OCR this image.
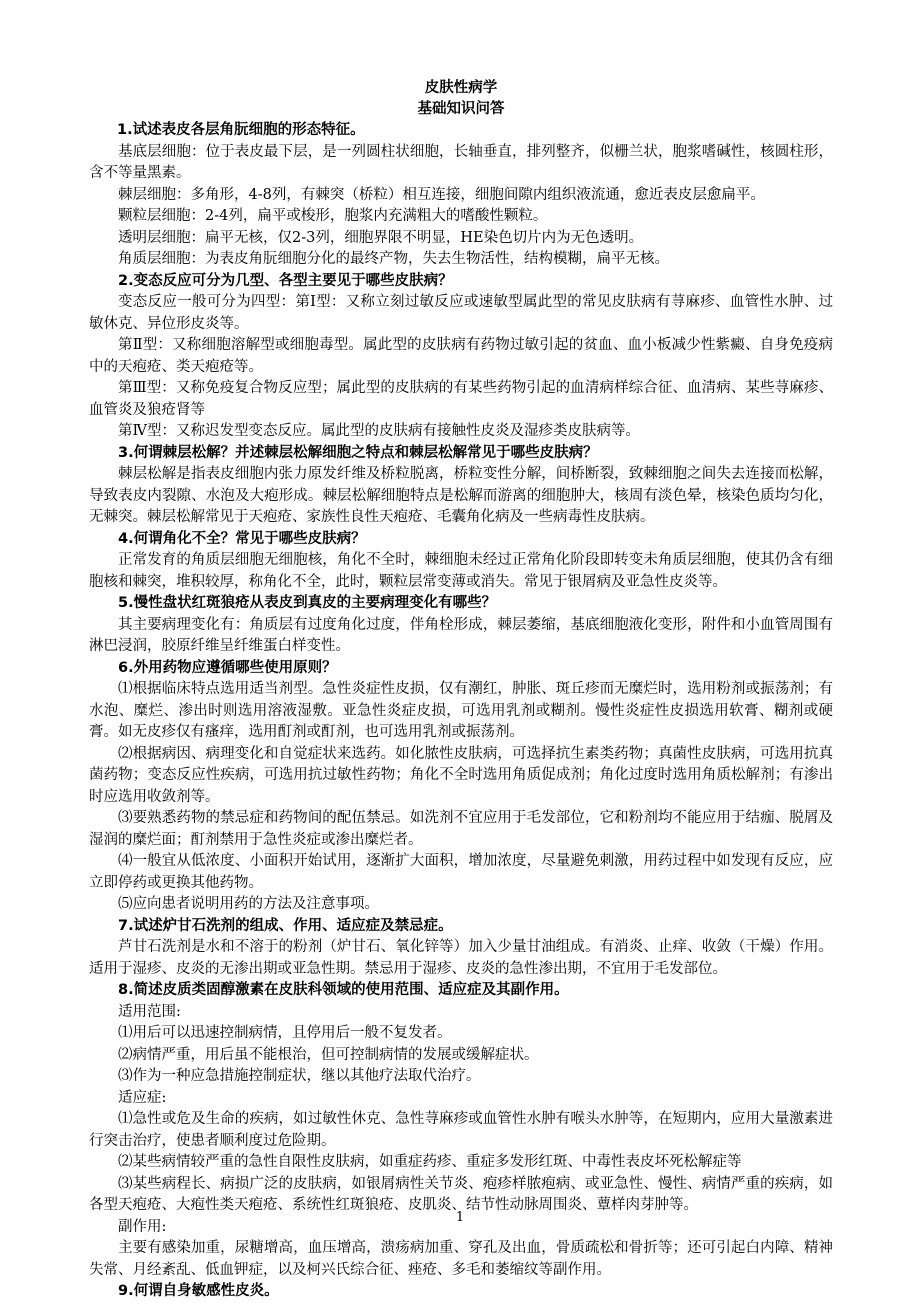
皮肤性病学
基础知识问答
1.试述表皮各层角朊细胞的形态特征。

基底层细胞：位于表皮最下层，是一列圆柱状细胞，长轴垂直，排列整齐，似栅兰状，胞浆嗜碱性，核圆柱形，含不等量黑素。

棘层细胞：多角形，4-8列，有棘突（桥粒）相互连接，细胞间隙内组织液流通，愈近表皮层愈扁平。

颗粒层细胞：2-4列，扁平或梭形，胞浆内充满粗大的嗜酸性颗粒。

透明层细胞：扁平无核，仅2-3列，细胞界限不明显，HE染色切片内为无色透明。

角质层细胞：为表皮角朊细胞分化的最终产物，失去生物活性，结构模糊，扁平无核。

2.变态反应可分为几型、各型主要见于哪些皮肤病？

变态反应一般可分为四型：第Ⅰ型：又称立刻过敏反应或速敏型属此型的常见皮肤病有荨麻疹、血管性水肿、过敏休克、异位形皮炎等。

第Ⅱ型：又称细胞溶解型或细胞毒型。属此型的皮肤病有药物过敏引起的贫血、血小板减少性紫癜、自身免疫病中的天疱疮、类天疱疮等。

第Ⅲ型：又称免疫复合物反应型；属此型的皮肤病的有某些药物引起的血清病样综合征、血清病、某些荨麻疹、血管炎及狼疮肾等

第Ⅳ型：又称迟发型变态反应。属此型的皮肤病有接触性皮炎及湿疹类皮肤病等。

3.何谓棘层松解？并述棘层松解细胞之特点和棘层松解常见于哪些皮肤病？

棘层松解是指表皮细胞内张力原发纤维及桥粒脱离，桥粒变性分解，间桥断裂，致棘细胞之间失去连接而松解，导致表皮内裂隙、水泡及大疱形成。棘层松解细胞特点是松解而游离的细胞肿大，核周有淡色晕，核染色质均匀化，无棘突。棘层松解常见于天疱疮、家族性良性天疱疮、毛囊角化病及一些病毒性皮肤病。

4.何谓角化不全？常见于哪些皮肤病？

正常发育的角质层细胞无细胞核，角化不全时，棘细胞未经过正常角化阶段即转变未角质层细胞，使其仍含有细胞核和棘突，堆积较厚，称角化不全，此时，颗粒层常变薄或消失。常见于银屑病及亚急性皮炎等。

5.慢性盘状红斑狼疮从表皮到真皮的主要病理变化有哪些？

其主要病理变化有：角质层有过度角化过度，伴角栓形成，棘层萎缩，基底细胞液化变形，附件和小血管周围有淋巴浸润，胶原纤维呈纤维蛋白样变性。

6.外用药物应遵循哪些使用原则？

⑴根据临床特点选用适当剂型。急性炎症性皮损，仅有潮红，肿胀、斑丘疹而无糜烂时，选用粉剂或振荡剂；有水泡、糜烂、渗出时则选用溶液湿敷。亚急性炎症皮损，可选用乳剂或糊剂。慢性炎症性皮损选用软膏、糊剂或硬膏。如无皮疹仅有瘙痒，选用酊剂或酊剂，也可选用乳剂或振荡剂。

⑵根据病因、病理变化和自觉症状来选药。如化脓性皮肤病，可选择抗生素类药物；真菌性皮肤病，可选用抗真菌药物；变态反应性疾病，可选用抗过敏性药物；角化不全时选用角质促成剂；角化过度时选用角质松解剂；有渗出时应选用收敛剂等。

⑶要熟悉药物的禁忌症和药物间的配伍禁忌。如洗剂不宜应用于毛发部位，它和粉剂均不能应用于结痂、脱屑及湿润的糜烂面；酊剂禁用于急性炎症或渗出糜烂者。

⑷一般宜从低浓度、小面积开始试用，逐渐扩大面积，增加浓度，尽量避免刺激，用药过程中如发现有反应，应立即停药或更换其他药物。

⑸应向患者说明用药的方法及注意事项。

7.试述炉甘石洗剂的组成、作用、适应症及禁忌症。

芦甘石洗剂是水和不溶于的粉剂（炉甘石、氧化锌等）加入少量甘油组成。有消炎、止痒、收敛（干燥）作用。适用于湿疹、皮炎的无渗出期或亚急性期。禁忌用于湿疹、皮炎的急性渗出期，不宜用于毛发部位。

8.简述皮质类固醇激素在皮肤科领域的使用范围、适应症及其副作用。

适用范围:

⑴用后可以迅速控制病情，且停用后一般不复发者。

⑵病情严重，用后虽不能根治，但可控制病情的发展或缓解症状。

⑶作为一种应急措施控制症状，继以其他疗法取代治疗。

适应症:

⑴急性或危及生命的疾病，如过敏性休克、急性荨麻疹或血管性水肿有喉头水肿等，在短期内，应用大量激素进行突击治疗，使患者顺利度过危险期。

⑵某些病情较严重的急性自限性皮肤病，如重症药疹、重症多发形红斑、中毒性表皮坏死松解症等

⑶某些病程长、病损广泛的皮肤病，如银屑病性关节炎、疱疹样脓疱病、或亚急性、慢性、病情严重的疾病，如各型天疱疮、大疱性类天疱疮、系统性红斑狼疮、皮肌炎、结节性动脉周围炎、蕈样肉芽肿等。

副作用:

主要有感染加重，尿糖增高，血压增高，溃疡病加重、穿孔及出血，骨质疏松和骨折等；还可引起白内障、精神失常、月经紊乱、低血钾症，以及柯兴氏综合征、痤疮、多毛和萎缩纹等副作用。

9.何谓自身敏感性皮炎。
1
